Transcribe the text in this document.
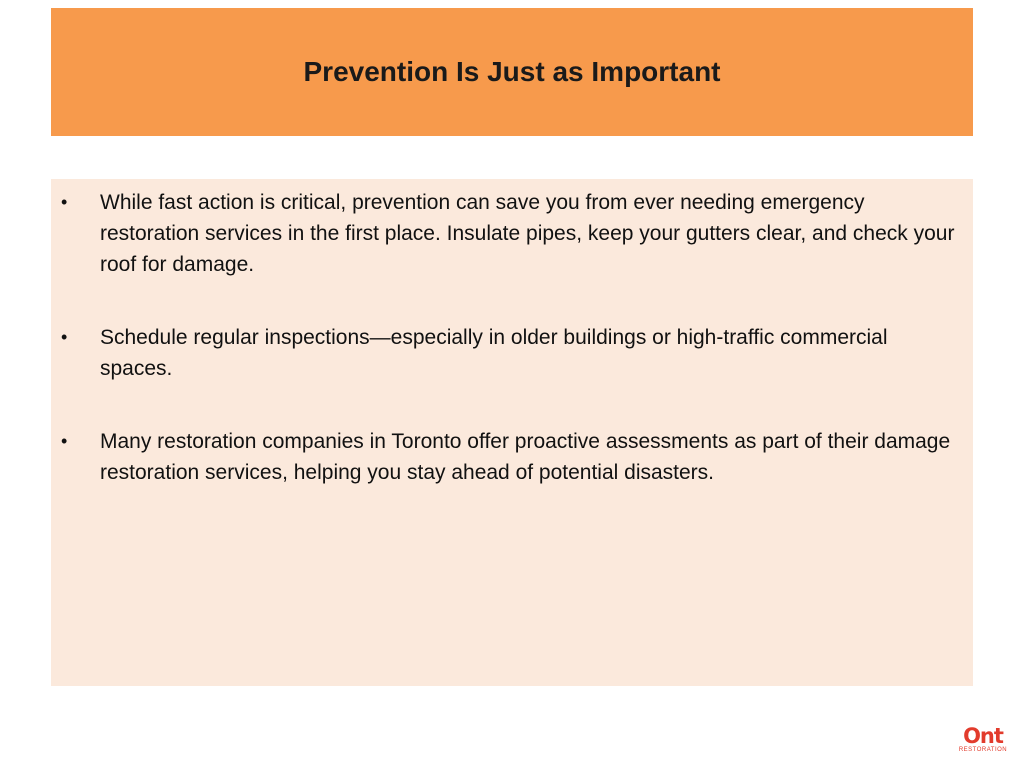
Prevention Is Just as Important
•	While fast action is critical, prevention can save you from ever needing emergency restoration services in the first place. Insulate pipes, keep your gutters clear, and check your roof for damage.
•	Schedule regular inspections—especially in older buildings or high-traffic commercial spaces.
•	Many restoration companies in Toronto offer proactive assessments as part of their damage restoration services, helping you stay ahead of potential disasters.
Ont
RESTORATION
